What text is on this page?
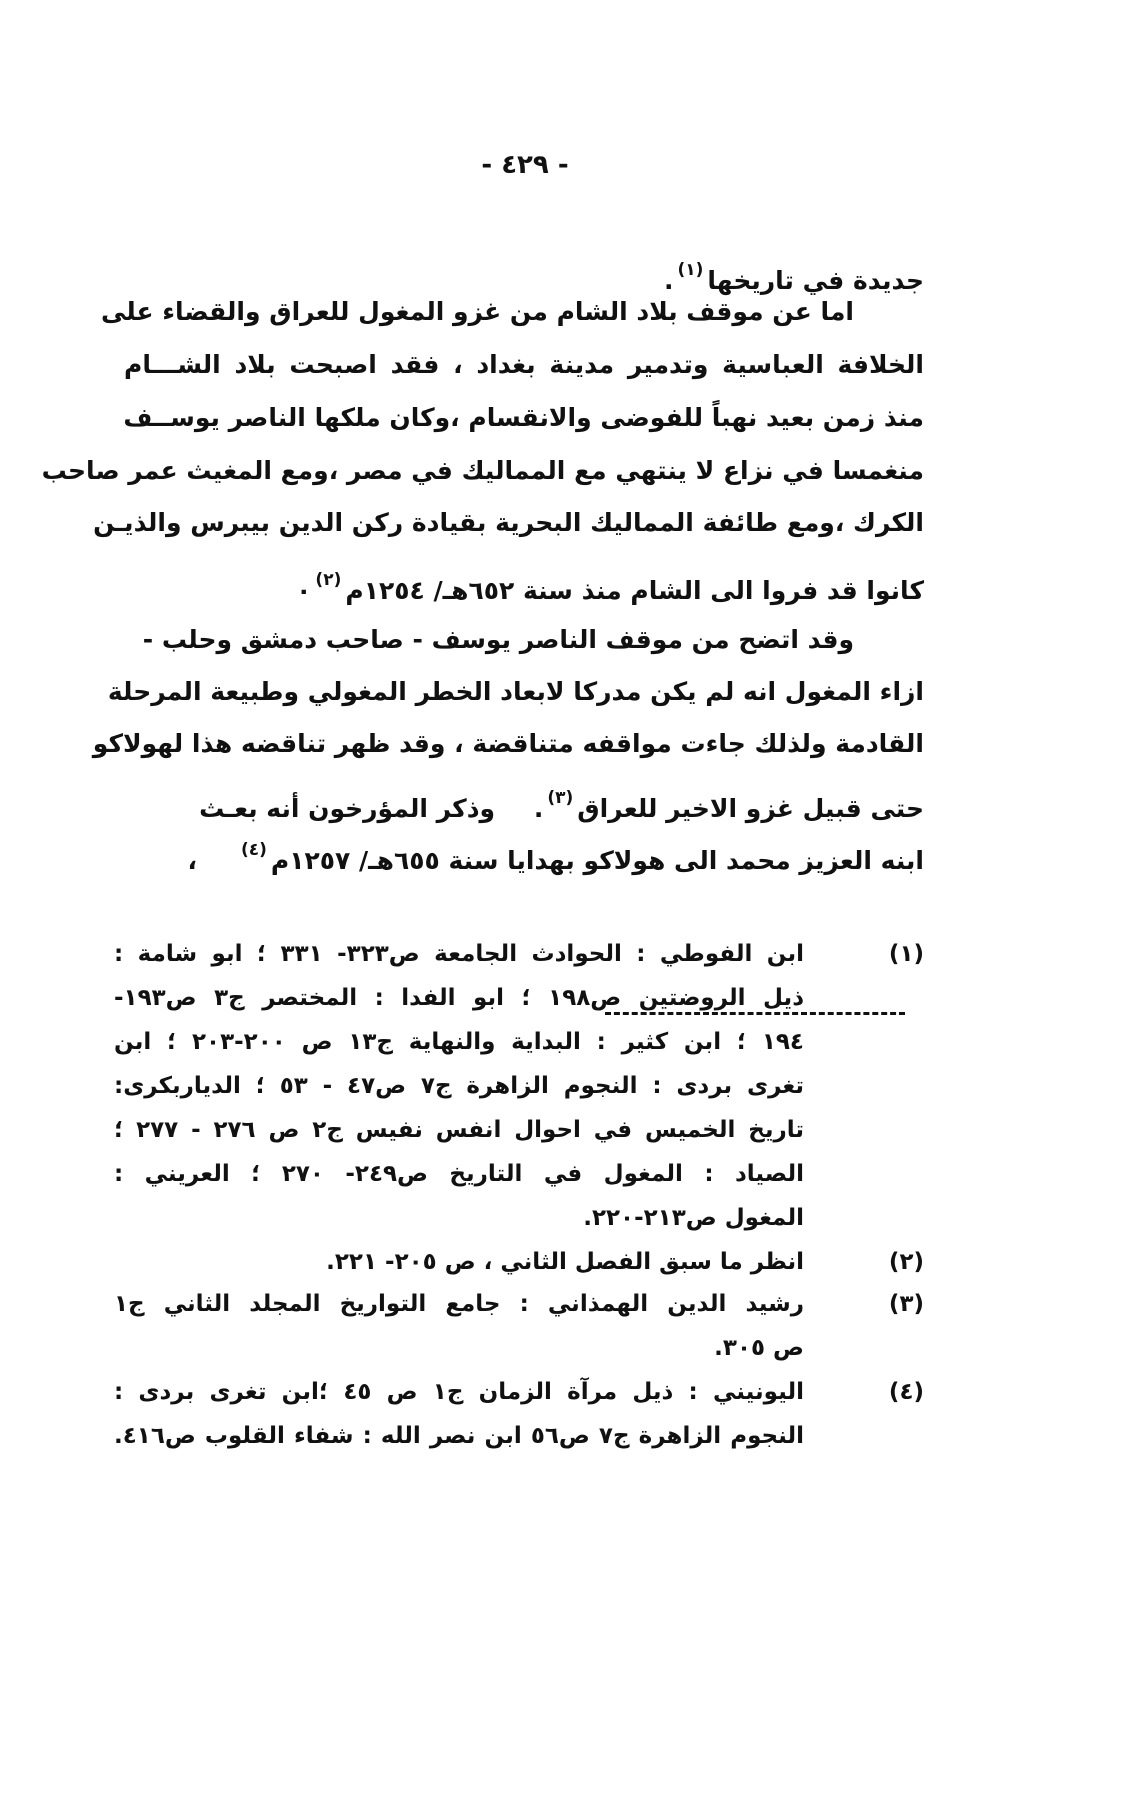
- ٤٢٩ -
جديدة في تاريخها$^{(١)}$.
اما عن موقف بلاد الشام من غزو المغول للعراق والقضاء على
الخلافة العباسية وتدمير مدينة بغداد ، فقد اصبحت بلاد الشـــام
منذ زمن بعيد نهباً للفوضى والانقسام ،وكان ملكها الناصر يوســف
منغمسا في نزاع لا ينتهي مع المماليك في مصر ،ومع المغيث عمر صاحب
الكرك ،ومع طائفة المماليك البحرية بقيادة ركن الدين بيبرس والذيـن
كانوا قد فروا الى الشام منذ سنة ٦٥٢هـ/ ١٢٥٤م$^{(٢)}$٠
وقد اتضح من موقف الناصر يوسف - صاحب دمشق وحلب -
ازاء المغول انه لم يكن مدركا لابعاد الخطر المغولي وطبيعة المرحلة
القادمة ولذلك جاءت مواقفه متناقضة ، وقد ظهر تناقضه هذا لهولاكو
حتى قبيل غزو الاخير للعراق$^{(٣)}$. وذكر المؤرخون أنه بعـث
ابنه العزيز محمد الى هولاكو بهدايا سنة ٦٥٥هـ/ ١٢٥٧م$^{(٤)}$،
(١)
ابن الفوطي : الحوادث الجامعة ص٣٢٣- ٣٣١ ؛ ابو شامة :
ذيل الروضتين ص١٩٨ ؛ ابو الفدا : المختصر ج٣ ص١٩٣-
١٩٤ ؛ ابن كثير : البداية والنهاية ج١٣ ص ٢٠٠-٢٠٣ ؛ ابن
تغرى بردى : النجوم الزاهرة ج٧ ص٤٧ - ٥٣ ؛ الدياربكرى:
تاريخ الخميس في احوال انفس نفيس ج٢ ص ٢٧٦ - ٢٧٧ ؛
الصياد : المغول في التاريخ ص٢٤٩- ٢٧٠ ؛ العريني :
المغول ص٢١٣-٢٢٠.
(٢)
انظر ما سبق الفصل الثاني ، ص ٢٠٥- ٢٢١.
(٣)
رشيد الدين الهمذاني : جامع التواريخ المجلد الثاني ج١
ص ٣٠٥.
(٤)
اليونيني : ذيل مرآة الزمان ج١ ص ٤٥ ؛ابن تغرى بردى :
النجوم الزاهرة ج٧ ص٥٦ ابن نصر الله : شفاء القلوب ص٤١٦.
